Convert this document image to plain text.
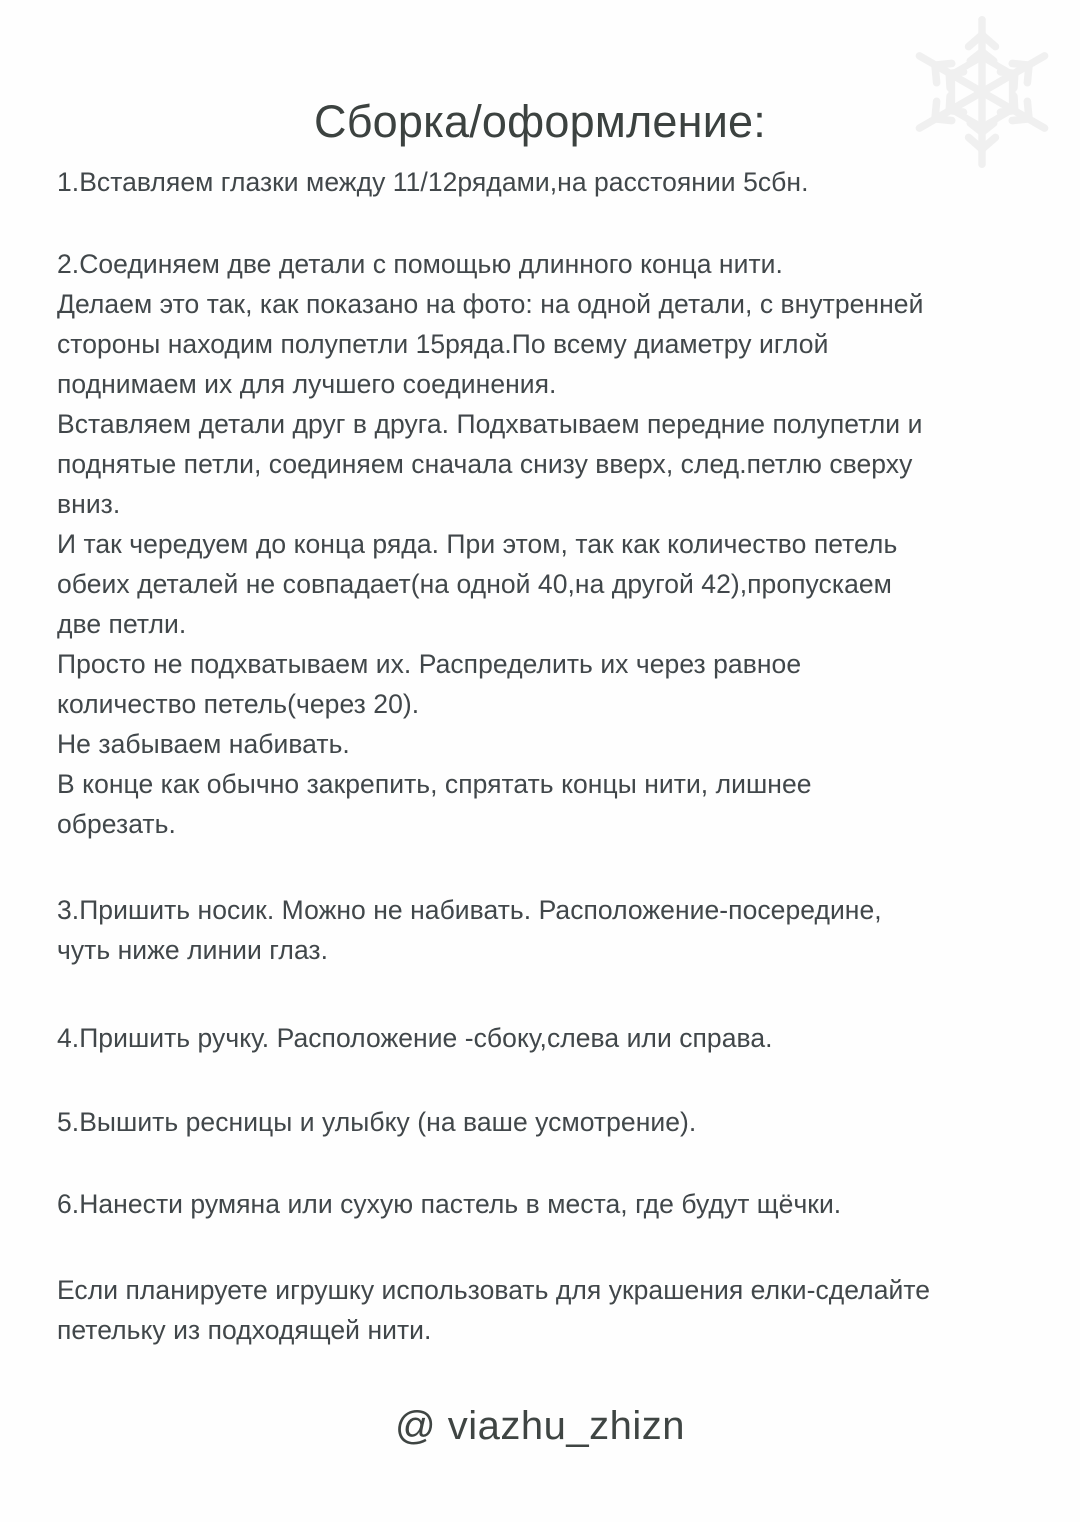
Сборка/оформление:

1.Вставляем глазки между 11/12рядами,на расстоянии 5сбн.

2.Соединяем две детали с помощью длинного конца нити.
Делаем это так, как показано на фото: на одной детали, с внутренней
стороны находим полупетли 15ряда.По всему диаметру иглой
поднимаем их для лучшего соединения.
Вставляем детали друг в друга. Подхватываем передние полупетли и
поднятые петли, соединяем сначала снизу вверх, след.петлю сверху
вниз.
И так чередуем до конца ряда. При этом, так как количество петель
обеих деталей не совпадает(на одной 40,на другой 42),пропускаем
две петли.
Просто не подхватываем их. Распределить их через равное
количество петель(через 20).
Не забываем набивать.
В конце как обычно закрепить, спрятать концы нити, лишнее
обрезать.

3.Пришить носик. Можно не набивать. Расположение-посередине,
чуть ниже линии глаз.

4.Пришить ручку. Расположение -сбоку,слева или справа.

5.Вышить ресницы и улыбку (на ваше усмотрение).

6.Нанести румяна или сухую пастель в места, где будут щёчки.

Если планируете игрушку использовать для украшения елки-сделайте
петельку из подходящей нити.

@ viazhu_zhizn
